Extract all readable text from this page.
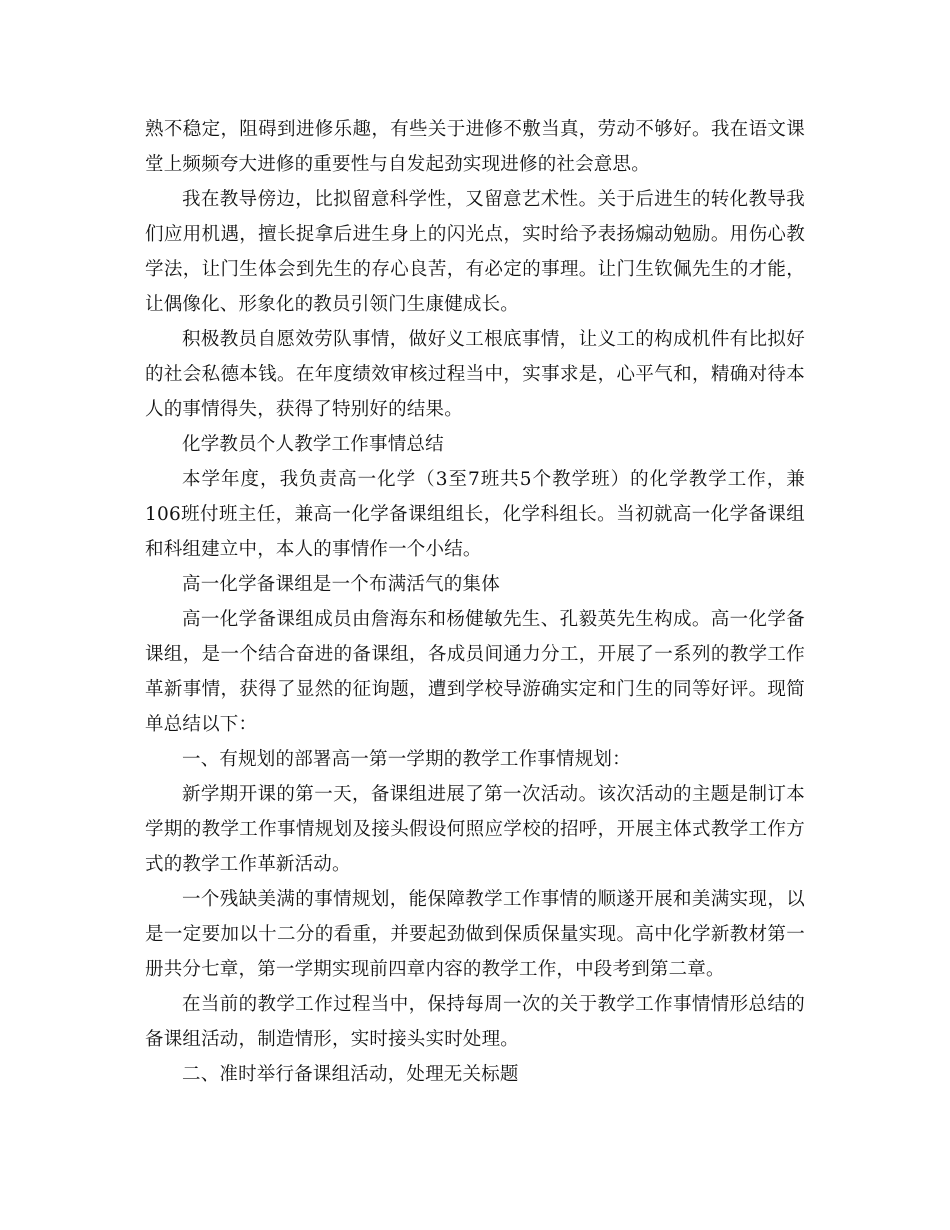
熟不稳定，阻碍到进修乐趣，有些关于进修不敷当真，劳动不够好。我在语文课堂上频频夸大进修的重要性与自发起劲实现进修的社会意思。

我在教导傍边，比拟留意科学性，又留意艺术性。关于后进生的转化教导我们应用机遇，擅长捉拿后进生身上的闪光点，实时给予表扬煽动勉励。用伤心教学法，让门生体会到先生的存心良苦，有必定的事理。让门生钦佩先生的才能，让偶像化、形象化的教员引领门生康健成长。

积极教员自愿效劳队事情，做好义工根底事情，让义工的构成机件有比拟好的社会私德本钱。在年度绩效审核过程当中，实事求是，心平气和，精确对待本人的事情得失，获得了特别好的结果。

化学教员个人教学工作事情总结

本学年度，我负责高一化学（3至7班共5个教学班）的化学教学工作，兼106班付班主任，兼高一化学备课组组长，化学科组长。当初就高一化学备课组和科组建立中，本人的事情作一个小结。

高一化学备课组是一个布满活气的集体

高一化学备课组成员由詹海东和杨健敏先生、孔毅英先生构成。高一化学备课组，是一个结合奋进的备课组，各成员间通力分工，开展了一系列的教学工作革新事情，获得了显然的征询题，遭到学校导游确实定和门生的同等好评。现简单总结以下：

一、有规划的部署高一第一学期的教学工作事情规划：

新学期开课的第一天，备课组进展了第一次活动。该次活动的主题是制订本学期的教学工作事情规划及接头假设何照应学校的招呼，开展主体式教学工作方式的教学工作革新活动。

一个残缺美满的事情规划，能保障教学工作事情的顺遂开展和美满实现，以是一定要加以十二分的看重，并要起劲做到保质保量实现。高中化学新教材第一册共分七章，第一学期实现前四章内容的教学工作，中段考到第二章。

在当前的教学工作过程当中，保持每周一次的关于教学工作事情情形总结的备课组活动，制造情形，实时接头实时处理。

二、准时举行备课组活动，处理无关标题
